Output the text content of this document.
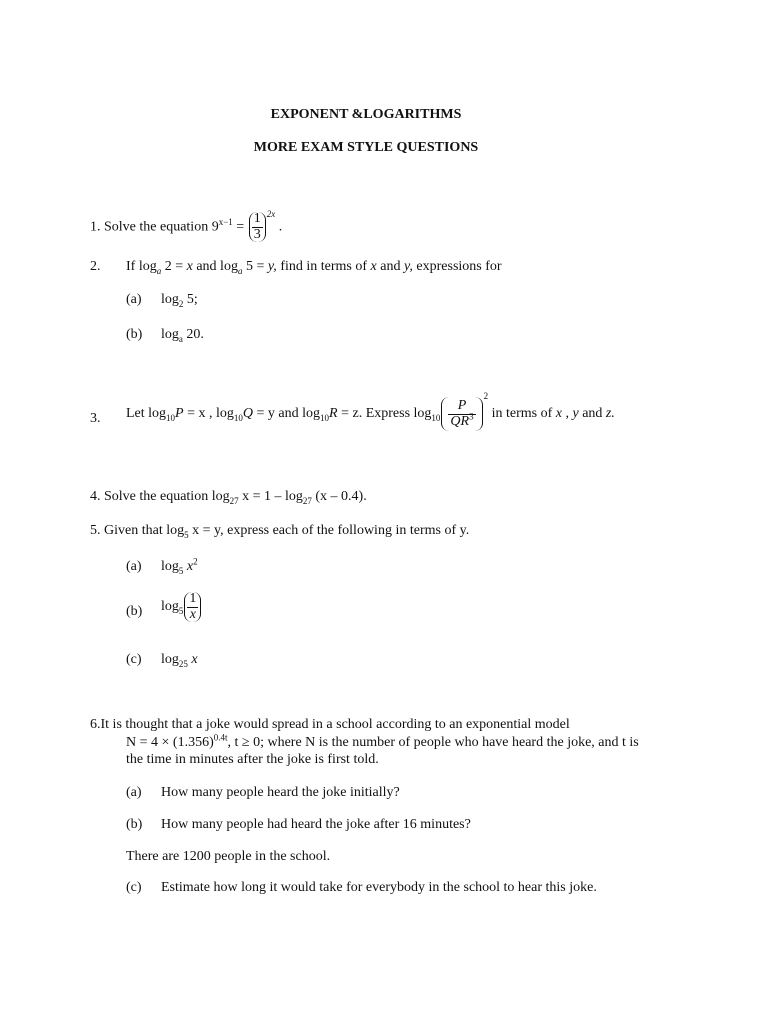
EXPONENT &LOGARITHMS
MORE EXAM STYLE QUESTIONS
1. Solve the equation $9^{x-1} = \frac{1}{3} ^{2x}$ .
2. If $\log_a 2 = x$ and $\log_a 5 = y$, find in terms of x and y, expressions for
(a) $\log_2 5$;
(b) $\log_a 20$.
3. Let $\log_{10}P = x$ , $\log_{10}Q = y$ and $\log_{10}R = z$. Express $\log_{10} \frac{P}{QR^3}$
$^2$ in terms of x , y and z.
4. Solve the equation $\log_{27} x = 1 - \log_{27} (x - 0.4)$.
5. Given that $\log_5 x = y$, express each of the following in terms of y.
(a) $\log_5 x^2$
(b) $\log_5 \frac{1}{x}$
(c) $\log_{25} x$
6.It is thought that a joke would spread in a school according to an exponential model
$N = 4 \times (1.356)^{0.4t}$, t ≥ 0; where N is the number of people who have heard the joke, and t is
the time in minutes after the joke is first told.
(a) How many people heard the joke initially?
(b) How many people had heard the joke after 16 minutes?
There are 1200 people in the school.
(c) Estimate how long it would take for everybody in the school to hear this joke.
